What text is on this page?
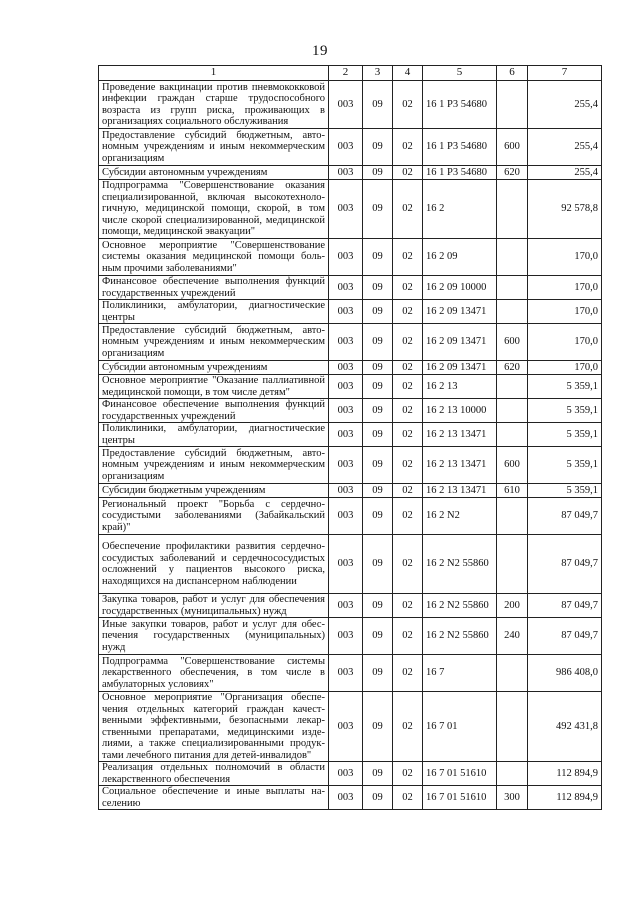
19
1	2	3	4	5	6	7
Проведение вакцинации против пневмококковой инфекции граждан старше трудоспособного возраста из групп риска, проживающих в организациях социального обслуживания	003	09	02	16 1 P3 54680		255,4
Предоставление субсидий бюджетным, автономным учреждениям и иным некоммерческим организациям	003	09	02	16 1 P3 54680	600	255,4
Субсидии автономным учреждениям	003	09	02	16 1 P3 54680	620	255,4
Подпрограмма "Совершенствование оказания специализированной, включая высокотехнологичную, медицинской помощи, скорой, в том числе скорой специализированной, медицинской помощи, медицинской эвакуации"	003	09	02	16 2		92 578,8
Основное мероприятие "Совершенствование системы оказания медицинской помощи больным прочими заболеваниями"	003	09	02	16 2 09		170,0
Финансовое обеспечение выполнения функций государственных учреждений	003	09	02	16 2 09 10000		170,0
Поликлиники, амбулатории, диагностические центры	003	09	02	16 2 09 13471		170,0
Предоставление субсидий бюджетным, автономным учреждениям и иным некоммерческим организациям	003	09	02	16 2 09 13471	600	170,0
Субсидии автономным учреждениям	003	09	02	16 2 09 13471	620	170,0
Основное мероприятие "Оказание паллиативной медицинской помощи, в том числе детям"	003	09	02	16 2 13		5 359,1
Финансовое обеспечение выполнения функций государственных учреждений	003	09	02	16 2 13 10000		5 359,1
Поликлиники, амбулатории, диагностические центры	003	09	02	16 2 13 13471		5 359,1
Предоставление субсидий бюджетным, автономным учреждениям и иным некоммерческим организациям	003	09	02	16 2 13 13471	600	5 359,1
Субсидии бюджетным учреждениям	003	09	02	16 2 13 13471	610	5 359,1
Региональный проект "Борьба с сердечнососудистыми заболеваниями (Забайкальский край)"	003	09	02	16 2 N2		87 049,7
Обеспечение профилактики развития сердечно-сосудистых заболеваний и сердечнососудистых осложнений у пациентов высокого риска, находящихся на диспансерном наблюдении	003	09	02	16 2 N2 55860		87 049,7
Закупка товаров, работ и услуг для обеспечения государственных (муниципальных) нужд	003	09	02	16 2 N2 55860	200	87 049,7
Иные закупки товаров, работ и услуг для обеспечения государственных (муниципальных) нужд	003	09	02	16 2 N2 55860	240	87 049,7
Подпрограмма "Совершенствование системы лекарственного обеспечения, в том числе в амбулаторных условиях"	003	09	02	16 7		986 408,0
Основное мероприятие "Организация обеспечения отдельных категорий граждан качественными эффективными, безопасными лекарственными препаратами, медицинскими изделиями, а также специализированными продуктами лечебного питания для детей-инвалидов"	003	09	02	16 7 01		492 431,8
Реализация отдельных полномочий в области лекарственного обеспечения	003	09	02	16 7 01 51610		112 894,9
Социальное обеспечение и иные выплаты населению	003	09	02	16 7 01 51610	300	112 894,9
